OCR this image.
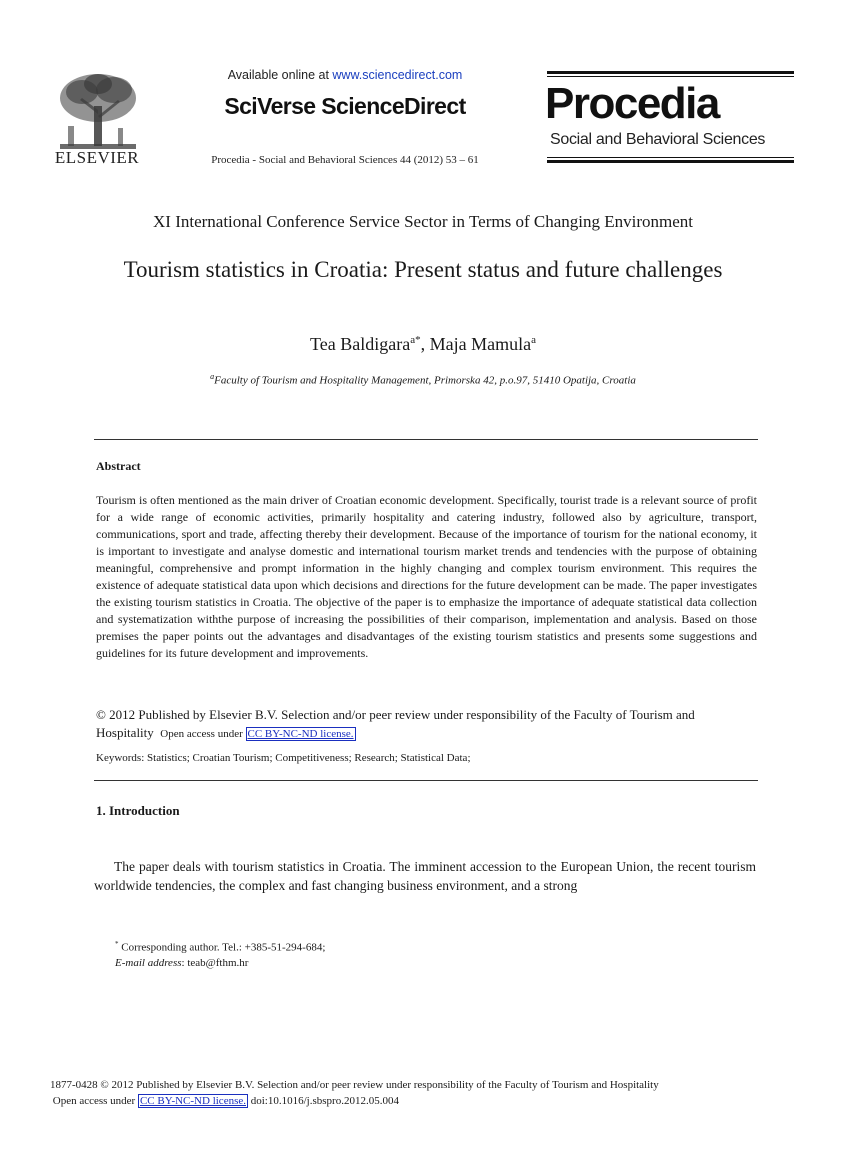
ELSEVIER
Available online at www.sciencedirect.com
SciVerse ScienceDirect
Procedia - Social and Behavioral Sciences 44 (2012) 53 – 61
Procedia
Social and Behavioral Sciences
XI International Conference Service Sector in Terms of Changing Environment
Tourism statistics in Croatia: Present status and future challenges
Tea Baldigara$^{a*}$, Maja Mamula$^a$
$^a$Faculty of Tourism and Hospitality Management, Primorska 42, p.o.97, 51410 Opatija, Croatia
Abstract
Tourism is often mentioned as the main driver of Croatian economic development. Specifically, tourist trade is a relevant source of profit for a wide range of economic activities, primarily hospitality and catering industry, followed also by agriculture, transport, communications, sport and trade, affecting thereby their development. Because of the importance of tourism for the national economy, it is important to investigate and analyse domestic and international tourism market trends and tendencies with the purpose of obtaining meaningful, comprehensive and prompt information in the highly changing and complex tourism environment. This requires the existence of adequate statistical data upon which decisions and directions for the future development can be made. The paper investigates the existing tourism statistics in Croatia. The objective of the paper is to emphasize the importance of adequate statistical data collection and systematization withthe purpose of increasing the possibilities of their comparison, implementation and analysis. Based on those premises the paper points out the advantages and disadvantages of the existing tourism statistics and presents some suggestions and guidelines for its future development and improvements.
© 2012 Published by Elsevier B.V. Selection and/or peer review under responsibility of the Faculty of Tourism and Hospitality Open access under CC BY-NC-ND license.
Keywords: Statistics; Croatian Tourism; Competitiveness; Research; Statistical Data;
1. Introduction
The paper deals with tourism statistics in Croatia. The imminent accession to the European Union, the recent tourism worldwide tendencies, the complex and fast changing business environment, and a strong
* Corresponding author. Tel.: +385-51-294-684;
E-mail address: teab@fthm.hr
1877-0428 © 2012 Published by Elsevier B.V. Selection and/or peer review under responsibility of the Faculty of Tourism and Hospitality
Open access under CC BY-NC-ND license. doi:10.1016/j.sbspro.2012.05.004
